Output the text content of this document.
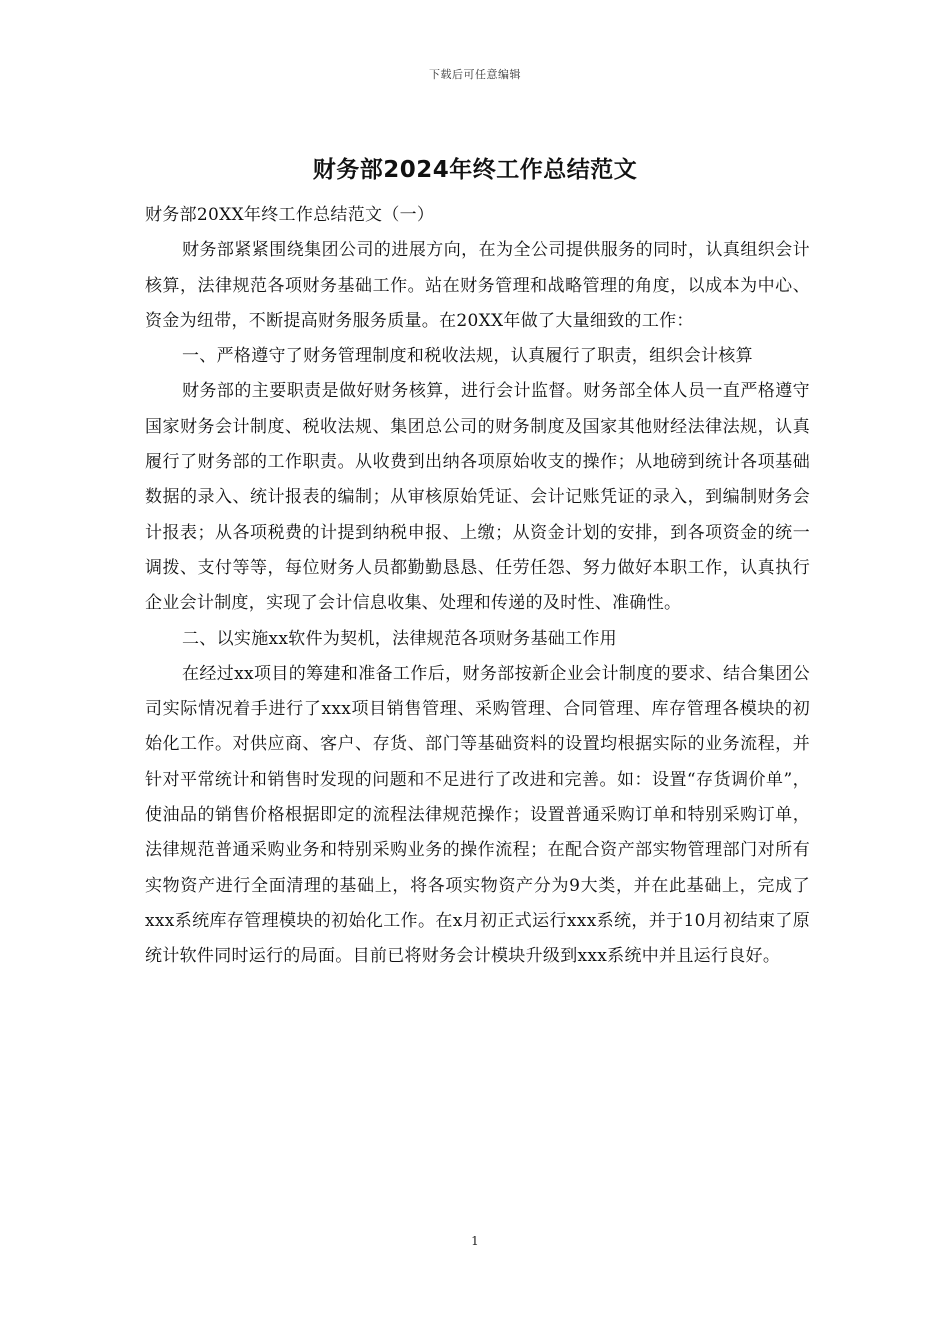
下载后可任意编辑
财务部2024年终工作总结范文

财务部20XX年终工作总结范文（一）

财务部紧紧围绕集团公司的进展方向，在为全公司提供服务的同时，认真组织会计核算，法律规范各项财务基础工作。站在财务管理和战略管理的角度，以成本为中心、资金为纽带，不断提高财务服务质量。在20XX年做了大量细致的工作：

一、严格遵守了财务管理制度和税收法规，认真履行了职责，组织会计核算

财务部的主要职责是做好财务核算，进行会计监督。财务部全体人员一直严格遵守国家财务会计制度、税收法规、集团总公司的财务制度及国家其他财经法律法规，认真履行了财务部的工作职责。从收费到出纳各项原始收支的操作；从地磅到统计各项基础数据的录入、统计报表的编制；从审核原始凭证、会计记账凭证的录入，到编制财务会计报表；从各项税费的计提到纳税申报、上缴；从资金计划的安排，到各项资金的统一调拨、支付等等，每位财务人员都勤勤恳恳、任劳任怨、努力做好本职工作，认真执行企业会计制度，实现了会计信息收集、处理和传递的及时性、准确性。

二、以实施xx软件为契机，法律规范各项财务基础工作用

在经过xx项目的筹建和准备工作后，财务部按新企业会计制度的要求、结合集团公司实际情况着手进行了xxx项目销售管理、采购管理、合同管理、库存管理各模块的初始化工作。对供应商、客户、存货、部门等基础资料的设置均根据实际的业务流程，并针对平常统计和销售时发现的问题和不足进行了改进和完善。如：设置“存货调价单”，使油品的销售价格根据即定的流程法律规范操作；设置普通采购订单和特别采购订单，法律规范普通采购业务和特别采购业务的操作流程；在配合资产部实物管理部门对所有实物资产进行全面清理的基础上，将各项实物资产分为9大类，并在此基础上，完成了xxx系统库存管理模块的初始化工作。在x月初正式运行xxx系统，并于10月初结束了原统计软件同时运行的局面。目前已将财务会计模块升级到xxx系统中并且运行良好。

1
